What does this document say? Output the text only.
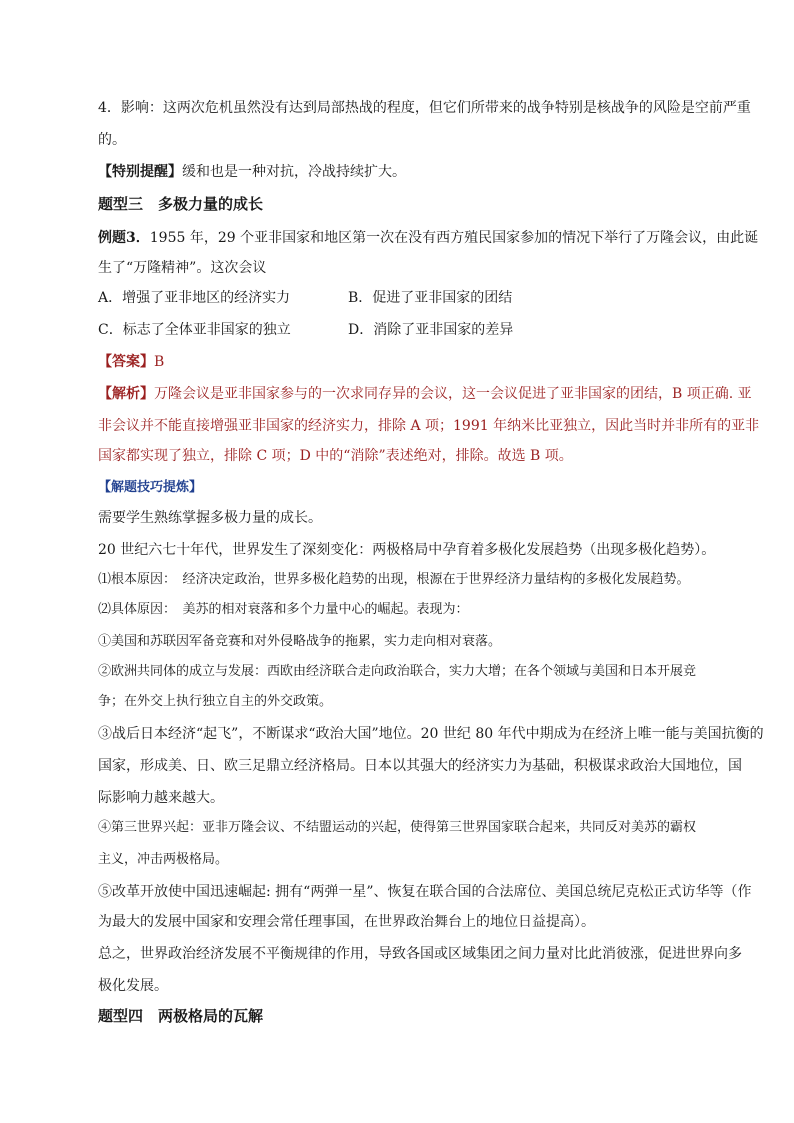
4．影响：这两次危机虽然没有达到局部热战的程度，但它们所带来的战争特别是核战争的风险是空前严重
的。
【特别提醒】缓和也是一种对抗，冷战持续扩大。
题型三　多极力量的成长
例题3．1955 年，29 个亚非国家和地区第一次在没有西方殖民国家参加的情况下举行了万隆会议，由此诞
生了“万隆精神”。这次会议
A．增强了亚非地区的经济实力	B．促进了亚非国家的团结
C．标志了全体亚非国家的独立	D．消除了亚非国家的差异
【答案】B
【解析】万隆会议是亚非国家参与的一次求同存异的会议，这一会议促进了亚非国家的团结，B 项正确. 亚
非会议并不能直接增强亚非国家的经济实力，排除 A 项；1991 年纳米比亚独立，因此当时并非所有的亚非
国家都实现了独立，排除 C 项；D 中的“消除”表述绝对，排除。故选 B 项。
【解题技巧提炼】
需要学生熟练掌握多极力量的成长。
20 世纪六七十年代，世界发生了深刻变化：两极格局中孕育着多极化发展趋势（出现多极化趋势）。
⑴根本原因：　经济决定政治，世界多极化趋势的出现，根源在于世界经济力量结构的多极化发展趋势。
⑵具体原因：　美苏的相对衰落和多个力量中心的崛起。表现为：
①美国和苏联因军备竞赛和对外侵略战争的拖累，实力走向相对衰落。
②欧洲共同体的成立与发展：西欧由经济联合走向政治联合，实力大增；在各个领域与美国和日本开展竞
争；在外交上执行独立自主的外交政策。
③战后日本经济“起飞”，不断谋求“政治大国”地位。20 世纪 80 年代中期成为在经济上唯一能与美国抗衡的
国家，形成美、日、欧三足鼎立经济格局。日本以其强大的经济实力为基础，积极谋求政治大国地位，国
际影响力越来越大。
④第三世界兴起：亚非万隆会议、不结盟运动的兴起，使得第三世界国家联合起来，共同反对美苏的霸权
主义，冲击两极格局。
⑤改革开放使中国迅速崛起: 拥有“两弹一星”、恢复在联合国的合法席位、美国总统尼克松正式访华等（作
为最大的发展中国家和安理会常任理事国，在世界政治舞台上的地位日益提高）。
总之，世界政治经济发展不平衡规律的作用，导致各国或区域集团之间力量对比此消彼涨，促进世界向多
极化发展。
题型四　两极格局的瓦解
